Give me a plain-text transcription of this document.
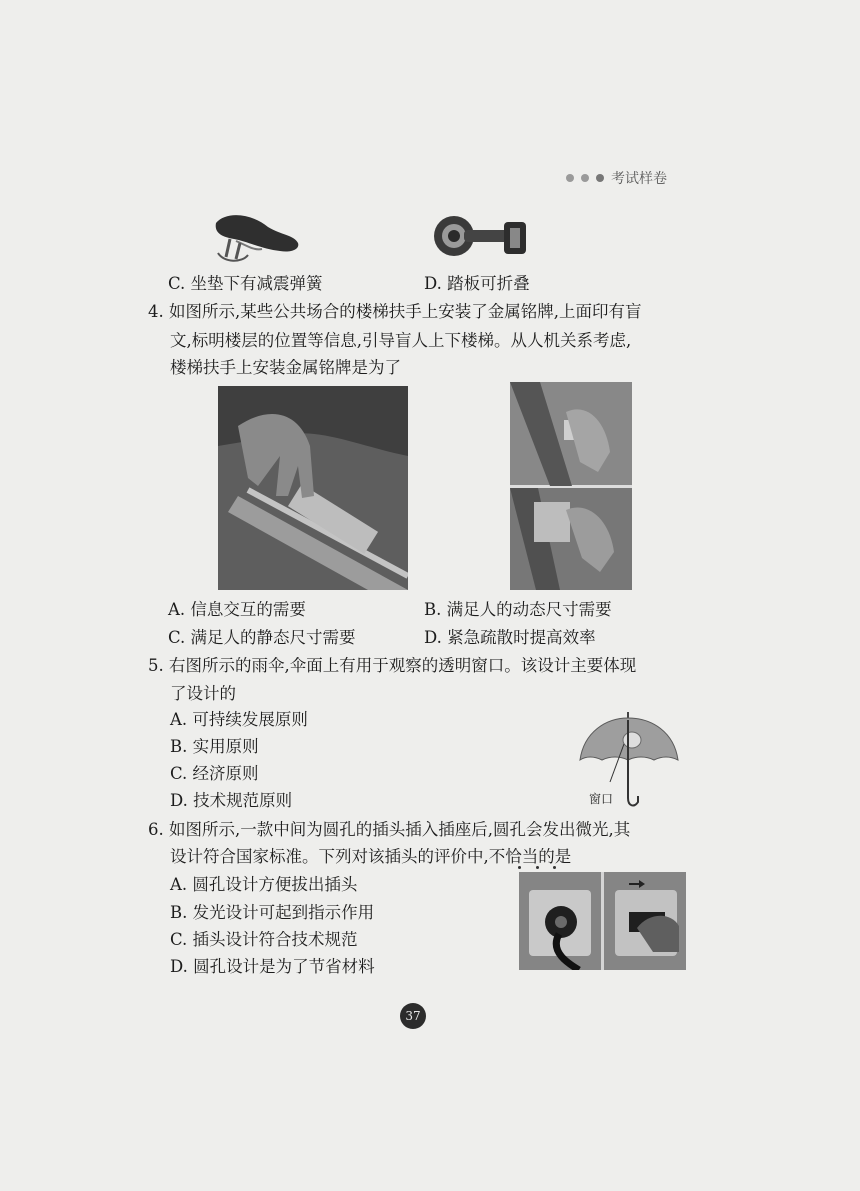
考试样卷
C. 坐垫下有减震弹簧	D. 踏板可折叠
4. 如图所示,某些公共场合的楼梯扶手上安装了金属铭牌,上面印有盲
文,标明楼层的位置等信息,引导盲人上下楼梯。从人机关系考虑,
楼梯扶手上安装金属铭牌是为了
A. 信息交互的需要	B. 满足人的动态尺寸需要
C. 满足人的静态尺寸需要	D. 紧急疏散时提高效率
5. 右图所示的雨伞,伞面上有用于观察的透明窗口。该设计主要体现
了设计的
A. 可持续发展原则
B. 实用原则
C. 经济原则
D. 技术规范原则	窗口
6. 如图所示,一款中间为圆孔的插头插入插座后,圆孔会发出微光,其
设计符合国家标准。下列对该插头的评价中,不恰当的是
A. 圆孔设计方便拔出插头
B. 发光设计可起到指示作用
C. 插头设计符合技术规范
D. 圆孔设计是为了节省材料
37
